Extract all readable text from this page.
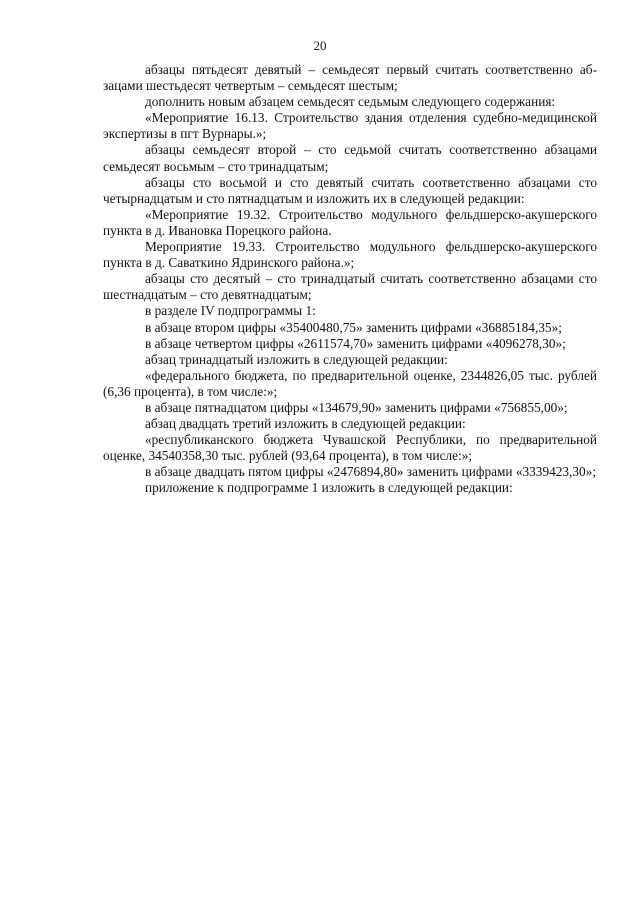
20

абзацы пятьдесят девятый – семьдесят первый считать соответственно абзацами шестьдесят четвертым – семьдесят шестым;

дополнить новым абзацем семьдесят седьмым следующего содержания:

«Мероприятие 16.13. Строительство здания отделения судебно-медицинской экспертизы в пгт Вурнары.»;

абзацы семьдесят второй – сто седьмой считать соответственно абзацами семьдесят восьмым – сто тринадцатым;

абзацы сто восьмой и сто девятый считать соответственно абзацами сто четырнадцатым и сто пятнадцатым и изложить их в следующей редакции:

«Мероприятие 19.32. Строительство модульного фельдшерско-акушерского пункта в д. Ивановка Порецкого района.

Мероприятие 19.33. Строительство модульного фельдшерско-акушерского пункта в д. Саваткино Ядринского района.»;

абзацы сто десятый – сто тринадцатый считать соответственно абзацами сто шестнадцатым – сто девятнадцатым;

в разделе IV подпрограммы 1:

в абзаце втором цифры «35400480,75» заменить цифрами «36885184,35»;

в абзаце четвертом цифры «2611574,70» заменить цифрами «4096278,30»;

абзац тринадцатый изложить в следующей редакции:

«федерального бюджета, по предварительной оценке, 2344826,05 тыс. рублей (6,36 процента), в том числе:»;

в абзаце пятнадцатом цифры «134679,90» заменить цифрами «756855,00»;

абзац двадцать третий изложить в следующей редакции:

«республиканского бюджета Чувашской Республики, по предварительной оценке, 34540358,30 тыс. рублей (93,64 процента), в том числе:»;

в абзаце двадцать пятом цифры «2476894,80» заменить цифрами «3339423,30»;

приложение к подпрограмме 1 изложить в следующей редакции:
